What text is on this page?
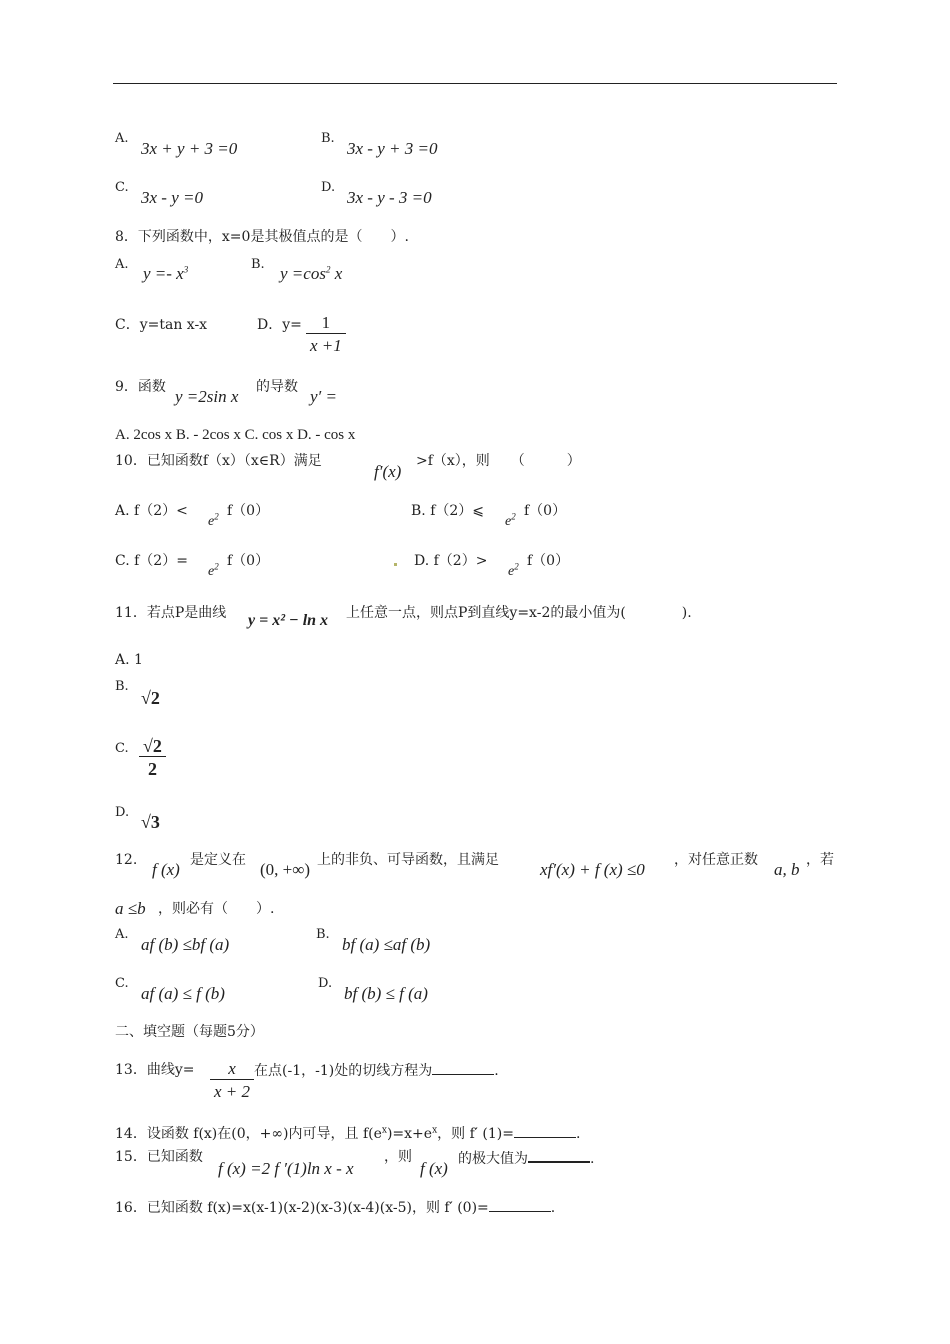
A.
3x + y + 3 =0
B.
3x - y + 3 =0
C.
3x - y =0
D.
3x - y - 3 =0
8．下列函数中，x=0是其极值点的是（　　）.
A. $y =- x^3$	B. $y =\cos^2$ x
C．y=tan x-x	D．$y= \frac{1}{x +1}$
9．函数 y =2sin x 的导数 y′ =
A. 2cos x B. - 2cos x C. cos x D. - cos x
10．已知函数f（x）（x∈R）满足
f′(x)
>f（x），则　　（　　　）
A. f（2）<
$e^2$ f（0）	B. f（2）⩽
$e^2$ f（0）
C. f（2）=
$e^2$ f（0）	D. f（2）>
$e^2$ f（0）
11．若点P是曲线 y = x² − ln x 上任意一点，则点P到直线y=x-2的最小值为(　　　　).
A. 1
B.
√2
C. $\frac{√2}{2}$
D. √3
12. f (x) 是定义在 (0, +∞) 上的非负、可导函数，且满足 xf′(x) + f (x) ≤0 ，对任意正数 a, b ，若
a ≤b ，则必有（　　）.
A.
af (b) ≤bf (a)
B.
bf (a) ≤af (b)
C.
af (a) ≤ f (b)
D.
bf (b) ≤ f (a)
二、填空题（每题5分）
13．曲线$y= \frac{x}{x + 2}$ 在点(-1，-1)处的切线方程为	.
14．设函数 f(x)在(0，+∞)内可导，且 $f(e^x)=x+e^x$，则 f′ (1)=	.
15．已知函数
f (x) =2 f ′(1)ln x - x
，则
f (x) 的极大值为	.
16．已知函数 f(x)=x(x-1)(x-2)(x-3)(x-4)(x-5)，则 f′ (0)=	.
